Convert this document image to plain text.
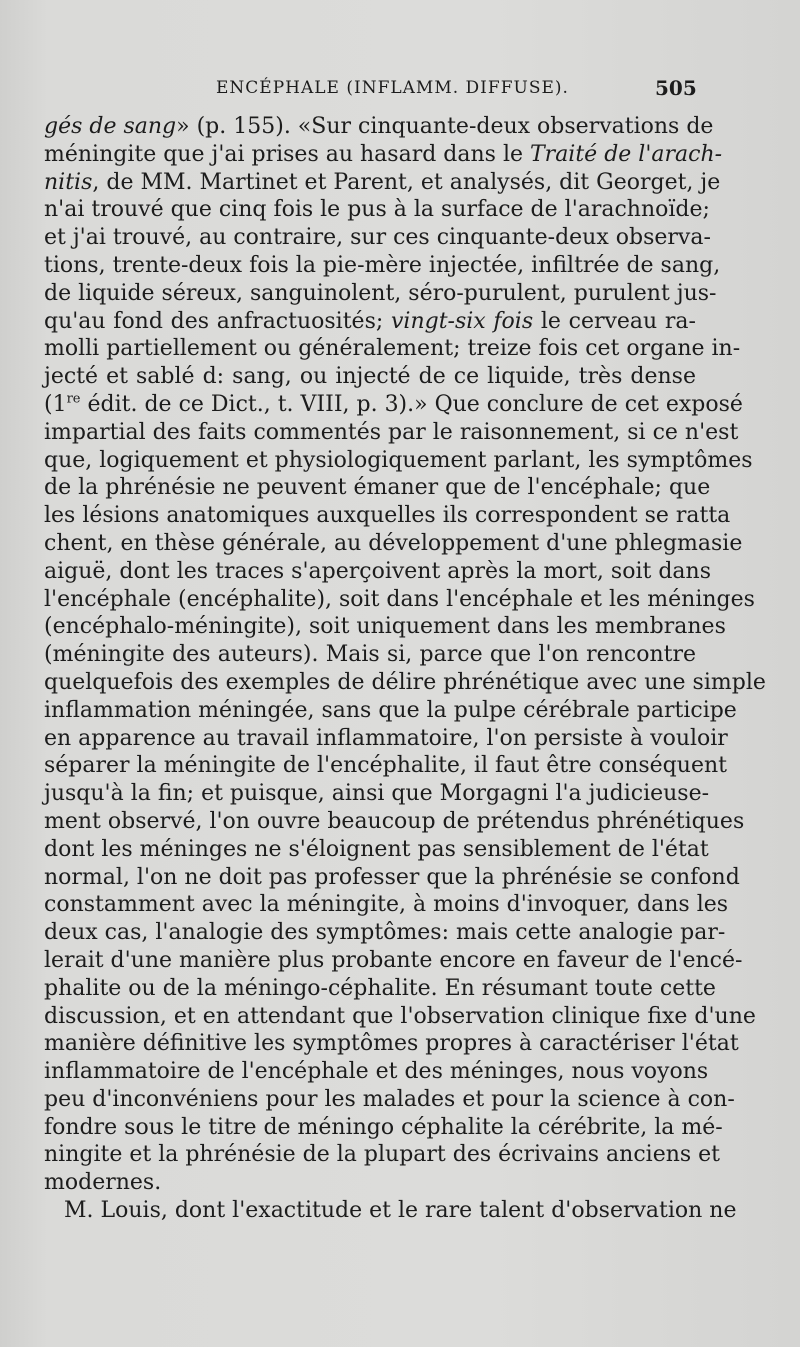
ENCÉPHALE (INFLAMM. DIFFUSE).	505
gés de sang» (p. 155). «Sur cinquante-deux observations de
méningite que j'ai prises au hasard dans le Traité de l'arach-
nitis, de MM. Martinet et Parent, et analysés, dit Georget, je
n'ai trouvé que cinq fois le pus à la surface de l'arachnoïde;
et j'ai trouvé, au contraire, sur ces cinquante-deux observa-
tions, trente-deux fois la pie-mère injectée, infiltrée de sang,
de liquide séreux, sanguinolent, séro-purulent, purulent jus-
qu'au fond des anfractuosités; vingt-six fois le cerveau ra-
molli partiellement ou généralement; treize fois cet organe in-
jecté et sablé d: sang, ou injecté de ce liquide, très dense
(1re édit. de ce Dict., t. VIII, p. 3).» Que conclure de cet exposé
impartial des faits commentés par le raisonnement, si ce n'est
que, logiquement et physiologiquement parlant, les symptômes
de la phrénésie ne peuvent émaner que de l'encéphale; que
les lésions anatomiques auxquelles ils correspondent se ratta
chent, en thèse générale, au développement d'une phlegmasie
aiguë, dont les traces s'aperçoivent après la mort, soit dans
l'encéphale (encéphalite), soit dans l'encéphale et les méninges
(encéphalo-méningite), soit uniquement dans les membranes
(méningite des auteurs). Mais si, parce que l'on rencontre
quelquefois des exemples de délire phrénétique avec une simple
inflammation méningée, sans que la pulpe cérébrale participe
en apparence au travail inflammatoire, l'on persiste à vouloir
séparer la méningite de l'encéphalite, il faut être conséquent
jusqu'à la fin; et puisque, ainsi que Morgagni l'a judicieuse-
ment observé, l'on ouvre beaucoup de prétendus phrénétiques
dont les méninges ne s'éloignent pas sensiblement de l'état
normal, l'on ne doit pas professer que la phrénésie se confond
constamment avec la méningite, à moins d'invoquer, dans les
deux cas, l'analogie des symptômes: mais cette analogie par-
lerait d'une manière plus probante encore en faveur de l'encé-
phalite ou de la méningo-céphalite. En résumant toute cette
discussion, et en attendant que l'observation clinique fixe d'une
manière définitive les symptômes propres à caractériser l'état
inflammatoire de l'encéphale et des méninges, nous voyons
peu d'inconvéniens pour les malades et pour la science à con-
fondre sous le titre de méningo céphalite la cérébrite, la mé-
ningite et la phrénésie de la plupart des écrivains anciens et
modernes.
M. Louis, dont l'exactitude et le rare talent d'observation ne
